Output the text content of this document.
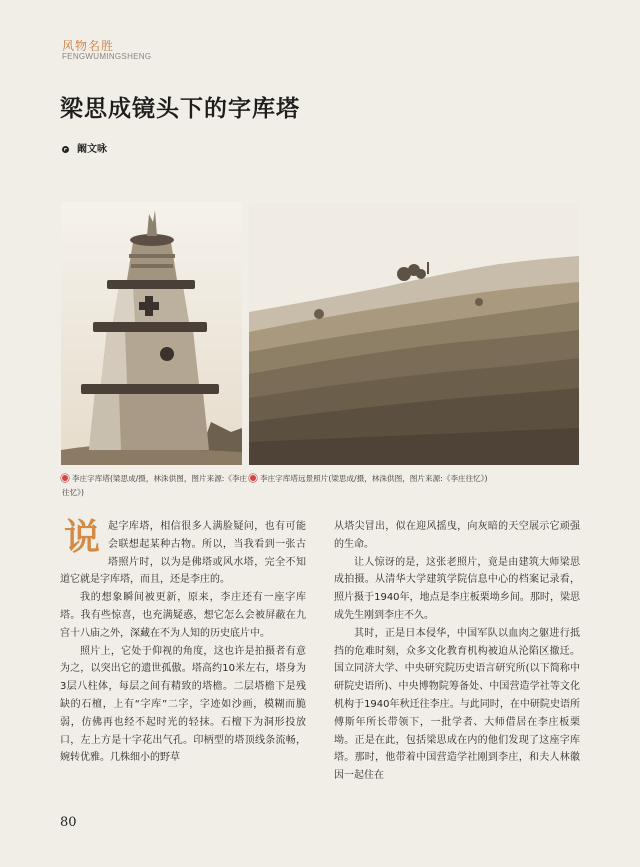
风物名胜
FENGWUMINGSHENG
梁思成镜头下的字库塔
阚文咏
李庄字库塔(梁思成/摄，林洙供图，图片来源:《李庄往忆》)
李庄字库塔远景照片(梁思成/摄，林洙供图，图片来源:《李庄往忆》)

说起字库塔，相信很多人满脸疑问，也有可能会联想起某种古物。所以，当我看到一张古塔照片时，以为是佛塔或风水塔，完全不知道它就是字库塔，而且，还是李庄的。

我的想象瞬间被更新，原来，李庄还有一座字库塔。我有些惊喜，也充满疑惑，想它怎么会被屏蔽在九宫十八庙之外，深藏在不为人知的历史底片中。

照片上，它处于仰视的角度，这也许是拍摄者有意为之，以突出它的遗世孤傲。塔高约10米左右，塔身为3层八柱体，每层之间有精致的塔檐。二层塔檐下是残缺的石檀，上有“字库”二字，字迹如沙画，模糊而脆弱，仿佛再也经不起时光的轻抹。石檀下为洞形投放口，左上方是十字花出气孔。印柄型的塔顶线条流畅，婉转优雅。几株细小的野草

从塔尖冒出，似在迎风摇曳，向灰暗的天空展示它顽强的生命。

让人惊讶的是，这张老照片，竟是由建筑大师梁思成拍摄。从清华大学建筑学院信息中心的档案记录看，照片摄于1940年，地点是李庄板栗坳乡间。那时，梁思成先生刚到李庄不久。

其时，正是日本侵华，中国军队以血肉之躯进行抵挡的危难时刻，众多文化教育机构被迫从沦陷区撤迁。国立同济大学、中央研究院历史语言研究所(以下简称中研院史语所)、中央博物院筹备处、中国营造学社等文化机构于1940年秋迁往李庄。与此同时，在中研院史语所傅斯年所长带领下，一批学者、大师借居在李庄板栗坳。正是在此，包括梁思成在内的他们发现了这座字库塔。那时，他带着中国营造学社刚到李庄，和夫人林徽因一起住在

80
